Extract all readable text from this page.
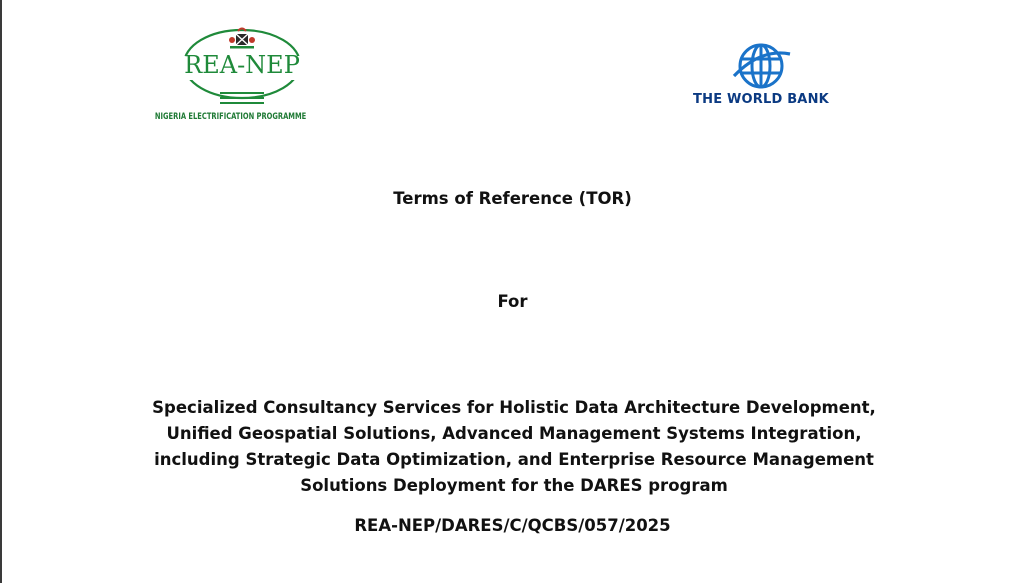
REA-NEP
NIGERIA ELECTRIFICATION PROGRAMME
THE WORLD BANK
Terms of Reference (TOR)
For
Specialized Consultancy Services for Holistic Data Architecture Development, Unified Geospatial Solutions, Advanced Management Systems Integration, including Strategic Data Optimization, and Enterprise Resource Management Solutions Deployment for the DARES program
REA-NEP/DARES/C/QCBS/057/2025
